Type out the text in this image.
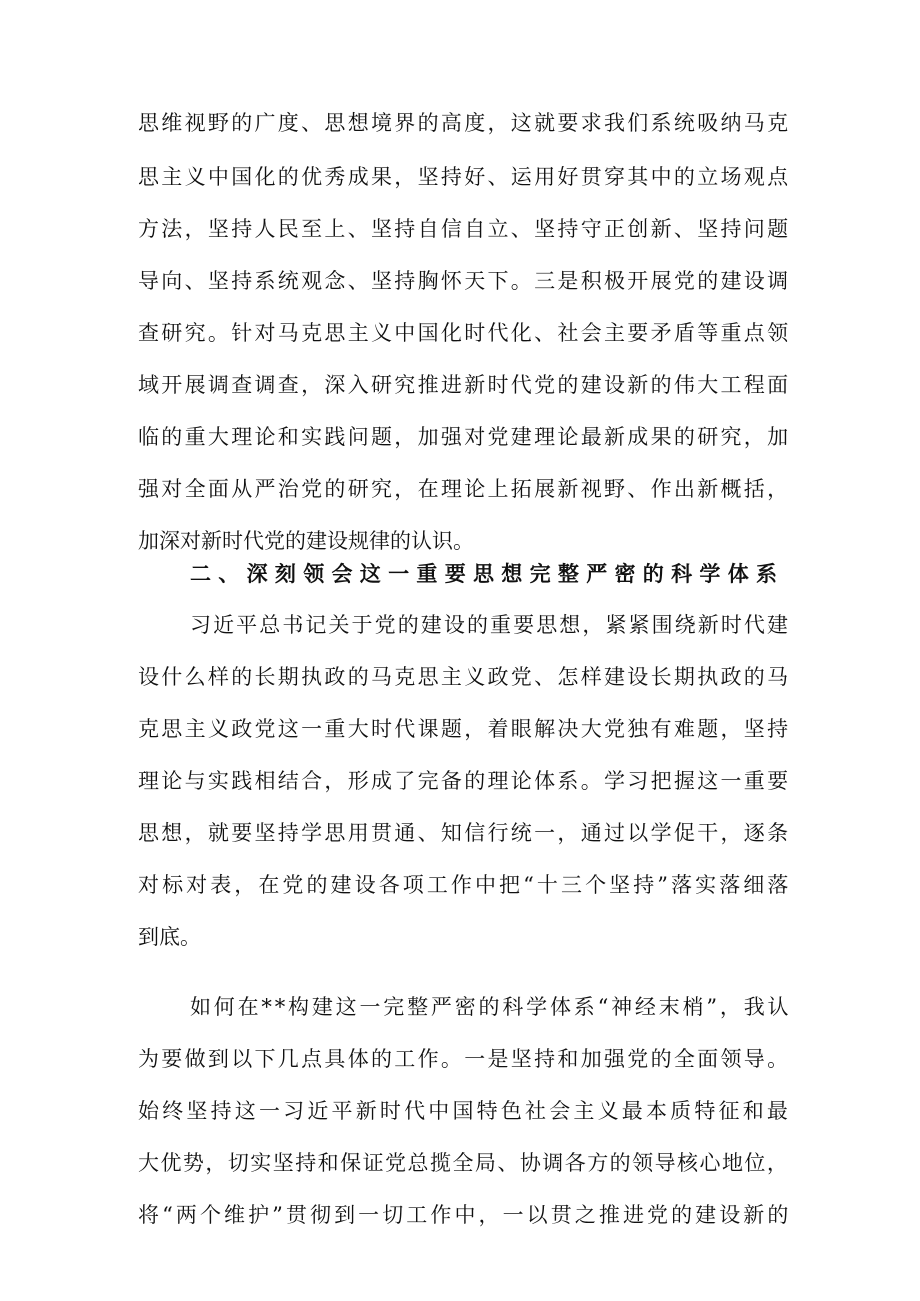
思维视野的广度、思想境界的高度，这就要求我们系统吸纳马克
思主义中国化的优秀成果，坚持好、运用好贯穿其中的立场观点
方法，坚持人民至上、坚持自信自立、坚持守正创新、坚持问题
导向、坚持系统观念、坚持胸怀天下。三是积极开展党的建设调
查研究。针对马克思主义中国化时代化、社会主要矛盾等重点领
域开展调查调查，深入研究推进新时代党的建设新的伟大工程面
临的重大理论和实践问题，加强对党建理论最新成果的研究，加
强对全面从严治党的研究，在理论上拓展新视野、作出新概括，
加深对新时代党的建设规律的认识。
二、深刻领会这一重要思想完整严密的科学体系
习近平总书记关于党的建设的重要思想，紧紧围绕新时代建
设什么样的长期执政的马克思主义政党、怎样建设长期执政的马
克思主义政党这一重大时代课题，着眼解决大党独有难题，坚持
理论与实践相结合，形成了完备的理论体系。学习把握这一重要
思想，就要坚持学思用贯通、知信行统一，通过以学促干，逐条
对标对表，在党的建设各项工作中把“十三个坚持”落实落细落
到底。
如何在**构建这一完整严密的科学体系“神经末梢”，我认
为要做到以下几点具体的工作。一是坚持和加强党的全面领导。
始终坚持这一习近平新时代中国特色社会主义最本质特征和最
大优势，切实坚持和保证党总揽全局、协调各方的领导核心地位，
将“两个维护”贯彻到一切工作中，一以贯之推进党的建设新的
